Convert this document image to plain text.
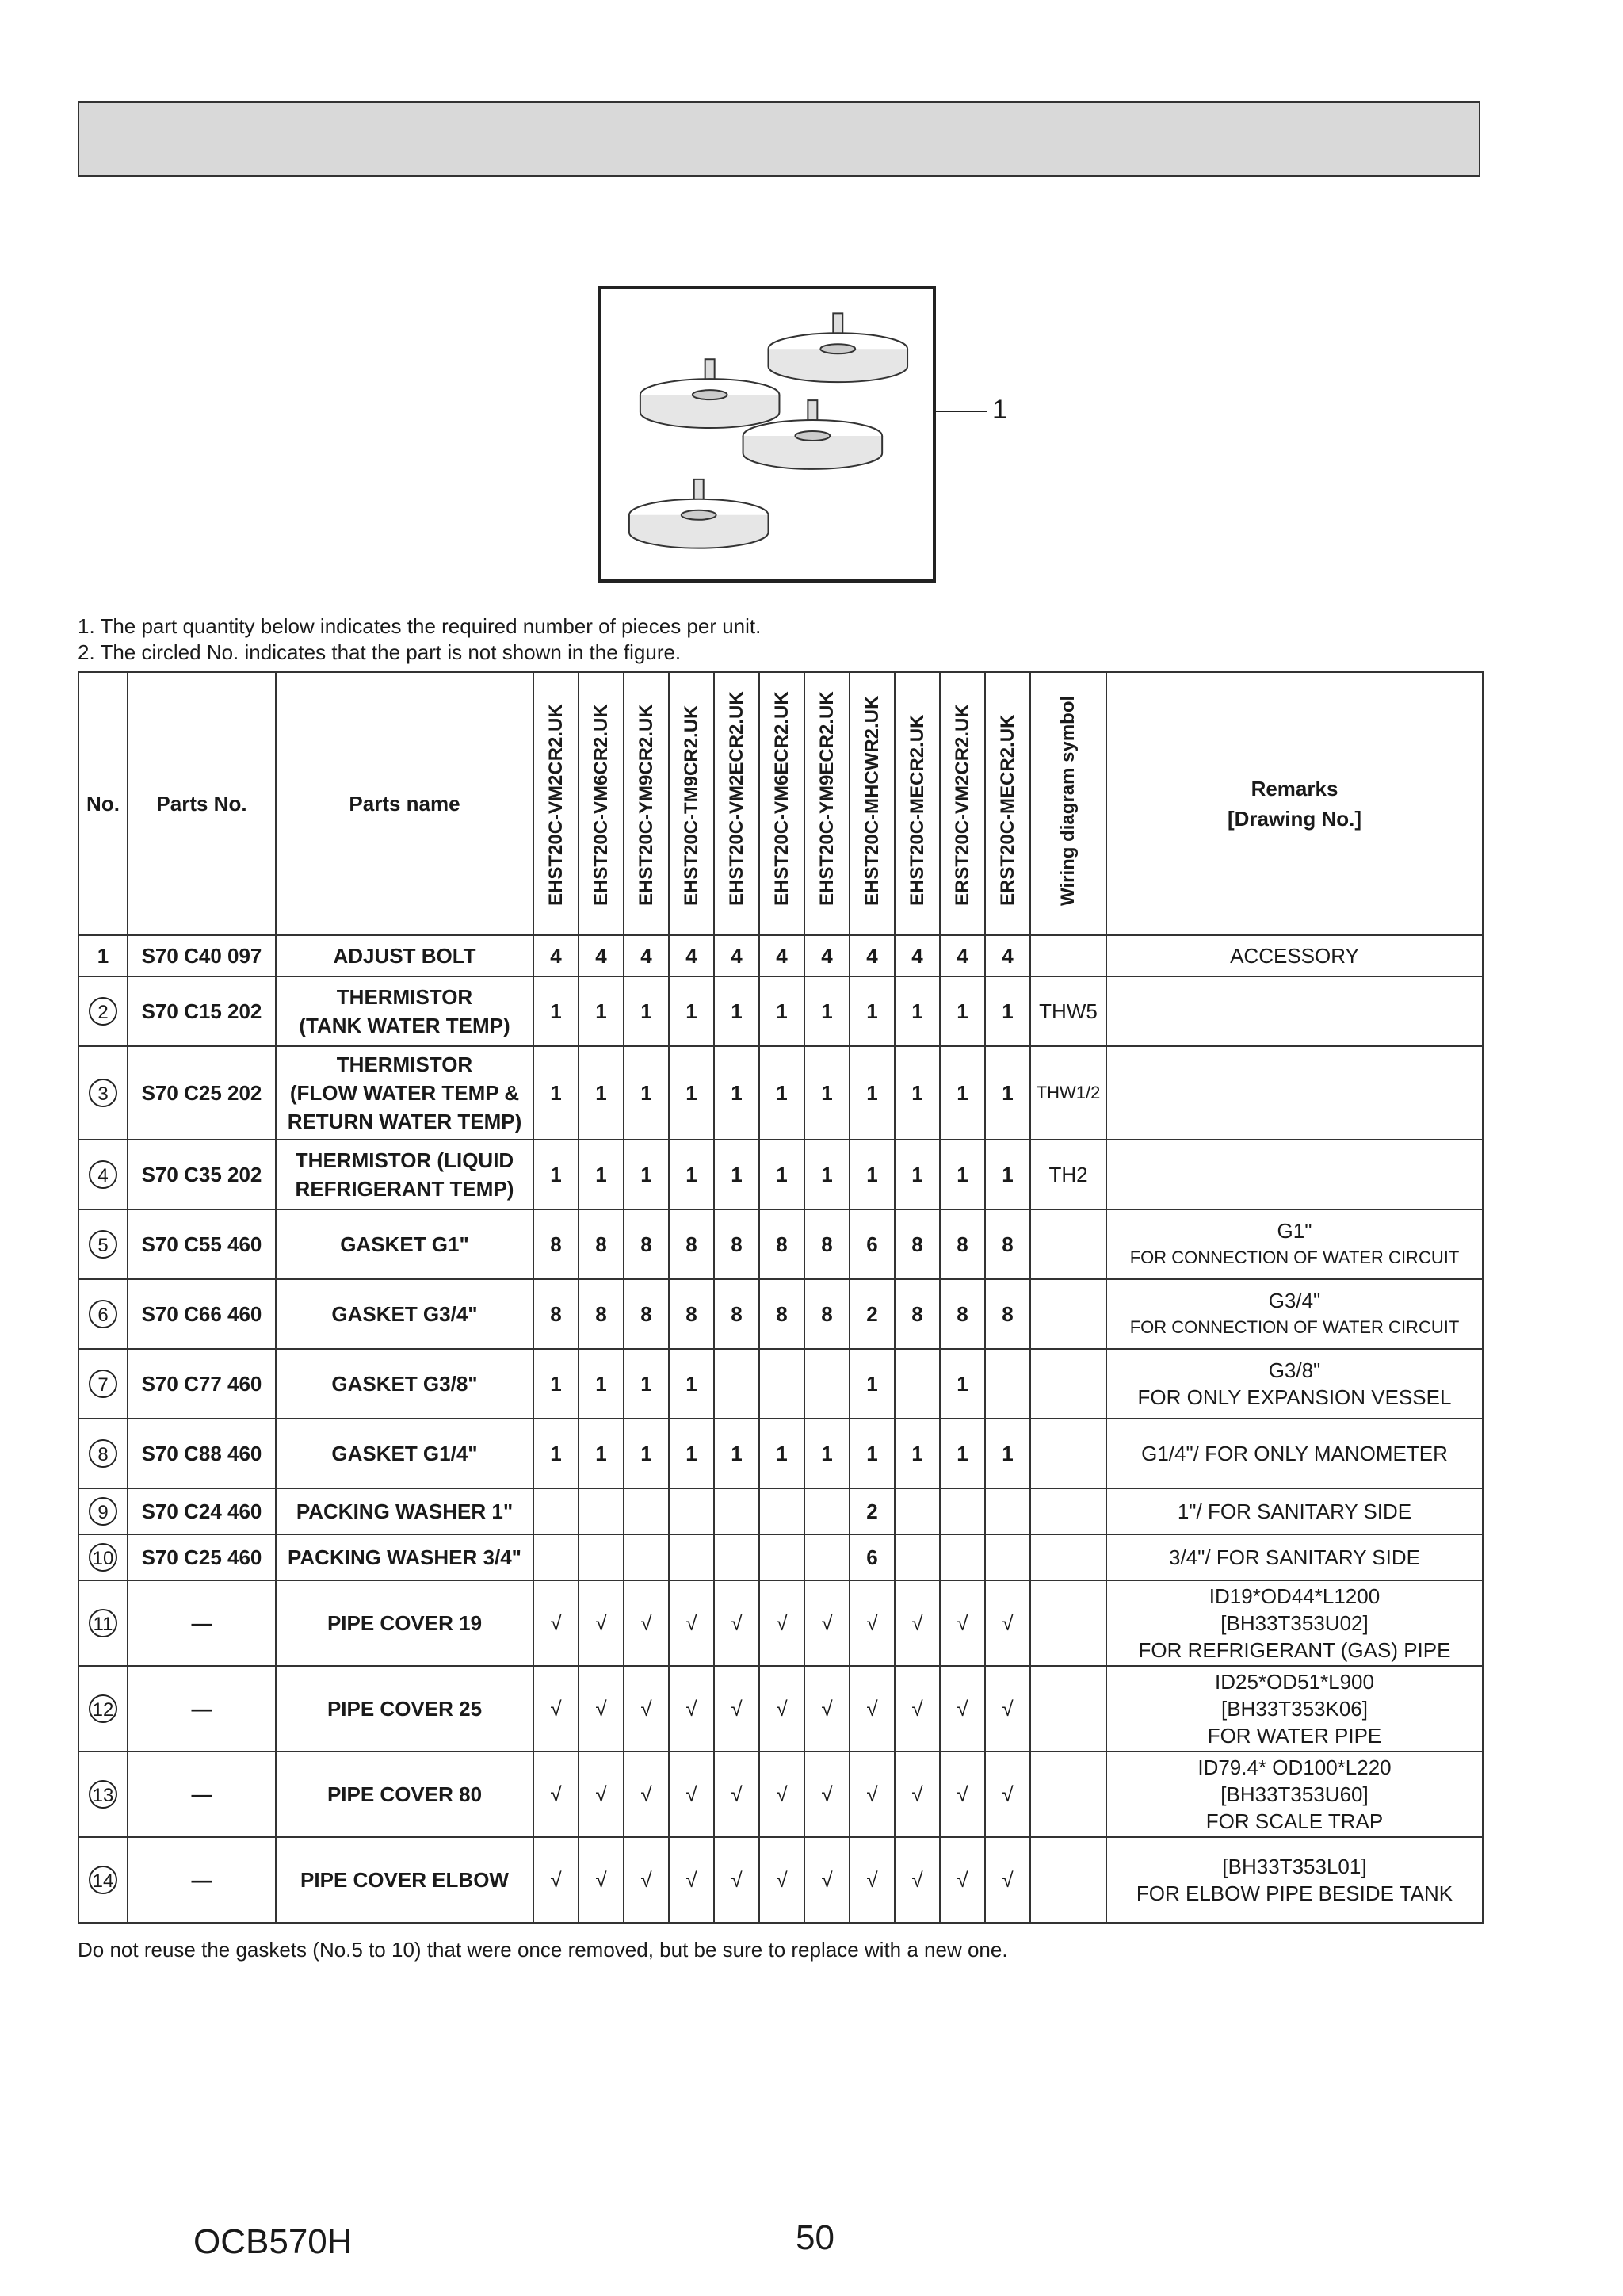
1
1. The part quantity below indicates the required number of pieces per unit.
2. The circled No. indicates that the part is not shown in the figure.
No.	Parts No.	Parts name	EHST20C-VM2CR2.UK	EHST20C-VM6CR2.UK	EHST20C-YM9CR2.UK	EHST20C-TM9CR2.UK	EHST20C-VM2ECR2.UK	EHST20C-VM6ECR2.UK	EHST20C-YM9ECR2.UK	EHST20C-MHCWR2.UK	EHST20C-MECR2.UK	ERST20C-VM2CR2.UK	ERST20C-MECR2.UK	Wiring diagram symbol	Remarks
[Drawing No.]

1	S70 C40 097	ADJUST BOLT	4	4	4	4	4	4	4	4	4	4	4		ACCESSORY

2	S70 C15 202	THERMISTOR
(TANK WATER TEMP)	1	1	1	1	1	1	1	1	1	1	1	THW5	
3	S70 C25 202	THERMISTOR
(FLOW WATER TEMP &
RETURN WATER TEMP)	1	1	1	1	1	1	1	1	1	1	1	THW1/2	
4	S70 C35 202	THERMISTOR (LIQUID
REFRIGERANT TEMP)	1	1	1	1	1	1	1	1	1	1	1	TH2	
5	S70 C55 460	GASKET G1"	8	8	8	8	8	8	8	6	8	8	8		G1"
FOR CONNECTION OF WATER CIRCUIT

6	S70 C66 460	GASKET G3/4"	8	8	8	8	8	8	8	2	8	8	8		G3/4"
FOR CONNECTION OF WATER CIRCUIT

7	S70 C77 460	GASKET G3/8"	1	1	1	1				1		1			G3/8"
FOR ONLY EXPANSION VESSEL

8	S70 C88 460	GASKET G1/4"	1	1	1	1	1	1	1	1	1	1	1		G1/4"/ FOR ONLY MANOMETER

9	S70 C24 460	PACKING WASHER 1"								2					1"/ FOR SANITARY SIDE

10	S70 C25 460	PACKING WASHER 3/4"								6					3/4"/ FOR SANITARY SIDE

11	—	PIPE COVER 19	√	√	√	√	√	√	√	√	√	√	√		ID19*OD44*L1200
[BH33T353U02]
FOR REFRIGERANT (GAS) PIPE

12	—	PIPE COVER 25	√	√	√	√	√	√	√	√	√	√	√		ID25*OD51*L900
[BH33T353K06]
FOR WATER PIPE

13	—	PIPE COVER 80	√	√	√	√	√	√	√	√	√	√	√		ID79.4* OD100*L220
[BH33T353U60]
FOR SCALE TRAP

14	—	PIPE COVER ELBOW	√	√	√	√	√	√	√	√	√	√	√		[BH33T353L01]
FOR ELBOW PIPE BESIDE TANK
Do not reuse the gaskets (No.5 to 10) that were once removed, but be sure to replace with a new one.
OCB570H	50
